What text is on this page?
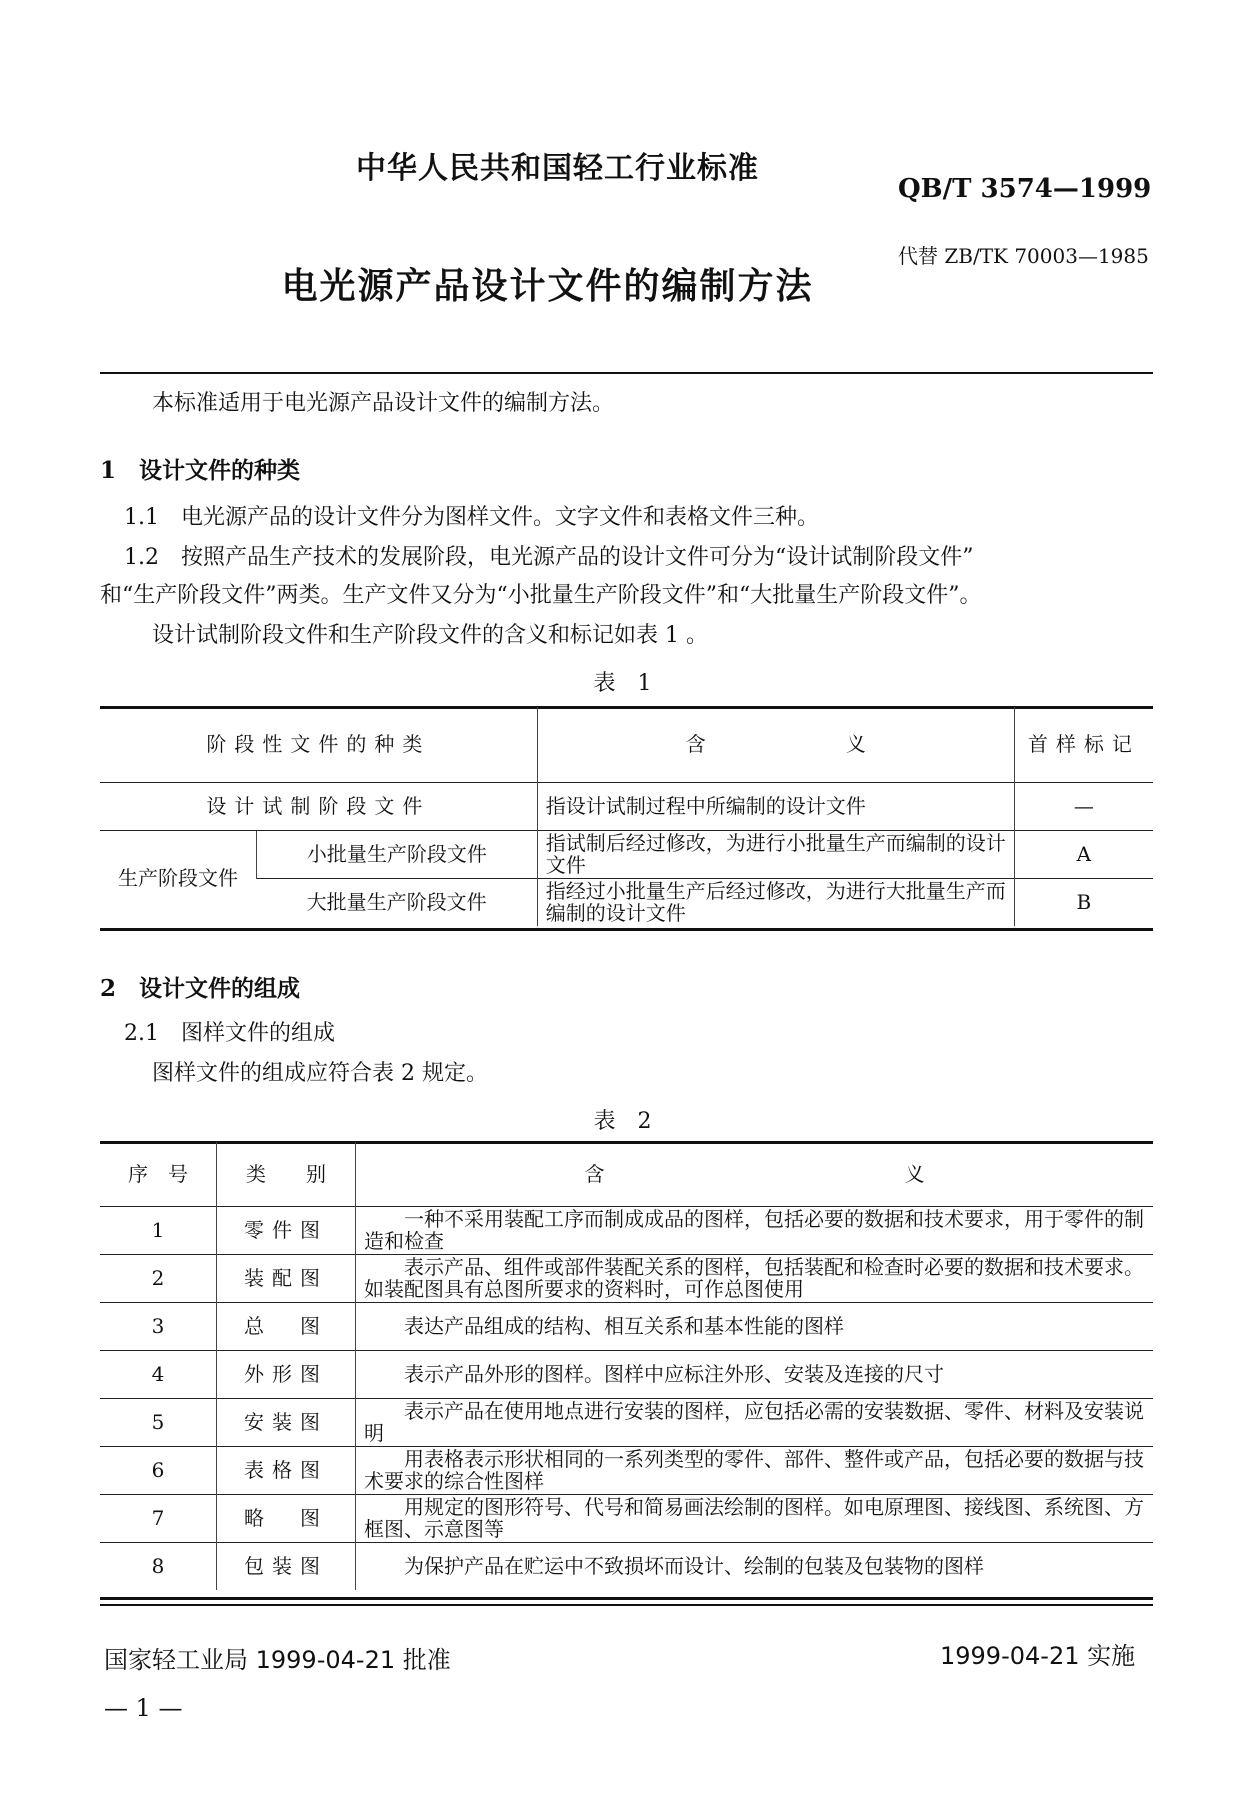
中华人民共和国轻工行业标准
QB/T 3574—1999
代替 ZB/TK 70003—1985
电光源产品设计文件的编制方法
本标准适用于电光源产品设计文件的编制方法。
1　设计文件的种类
1.1　电光源产品的设计文件分为图样文件。文字文件和表格文件三种。
1.2　按照产品生产技术的发展阶段，电光源产品的设计文件可分为“设计试制阶段文件”
和“生产阶段文件”两类。生产文件又分为“小批量生产阶段文件”和“大批量生产阶段文件”。
设计试制阶段文件和生产阶段文件的含义和标记如表 1 。
表　1
阶段性文件的种类		含　　　　　　　义	首样标记
设计试制阶段文件		指设计试制过程中所编制的设计文件	—
生产阶段文件	小批量生产阶段文件	指试制后经过修改，为进行小批量生产而编制的设计文件	A
	大批量生产阶段文件	指经过小批量生产后经过修改，为进行大批量生产而编制的设计文件	B
2　设计文件的组成
2.1　图样文件的组成
图样文件的组成应符合表 2 规定。
表　2
序　号	类　　别	含　　　　　　　　　　　　　　　义
1	零件图	一种不采用装配工序而制成成品的图样，包括必要的数据和技术要求，用于零件的制造和检查
2	装配图	表示产品、组件或部件装配关系的图样，包括装配和检查时必要的数据和技术要求。如装配图具有总图所要求的资料时，可作总图使用
3	总　图	表达产品组成的结构、相互关系和基本性能的图样
4	外形图	表示产品外形的图样。图样中应标注外形、安装及连接的尺寸
5	安装图	表示产品在使用地点进行安装的图样，应包括必需的安装数据、零件、材料及安装说明
6	表格图	用表格表示形状相同的一系列类型的零件、部件、整件或产品，包括必要的数据与技术要求的综合性图样
7	略　图	用规定的图形符号、代号和简易画法绘制的图样。如电原理图、接线图、系统图、方框图、示意图等
8	包装图	为保护产品在贮运中不致损坏而设计、绘制的包装及包装物的图样
国家轻工业局 1999-04-21 批准	1999-04-21 实施
— 1 —
